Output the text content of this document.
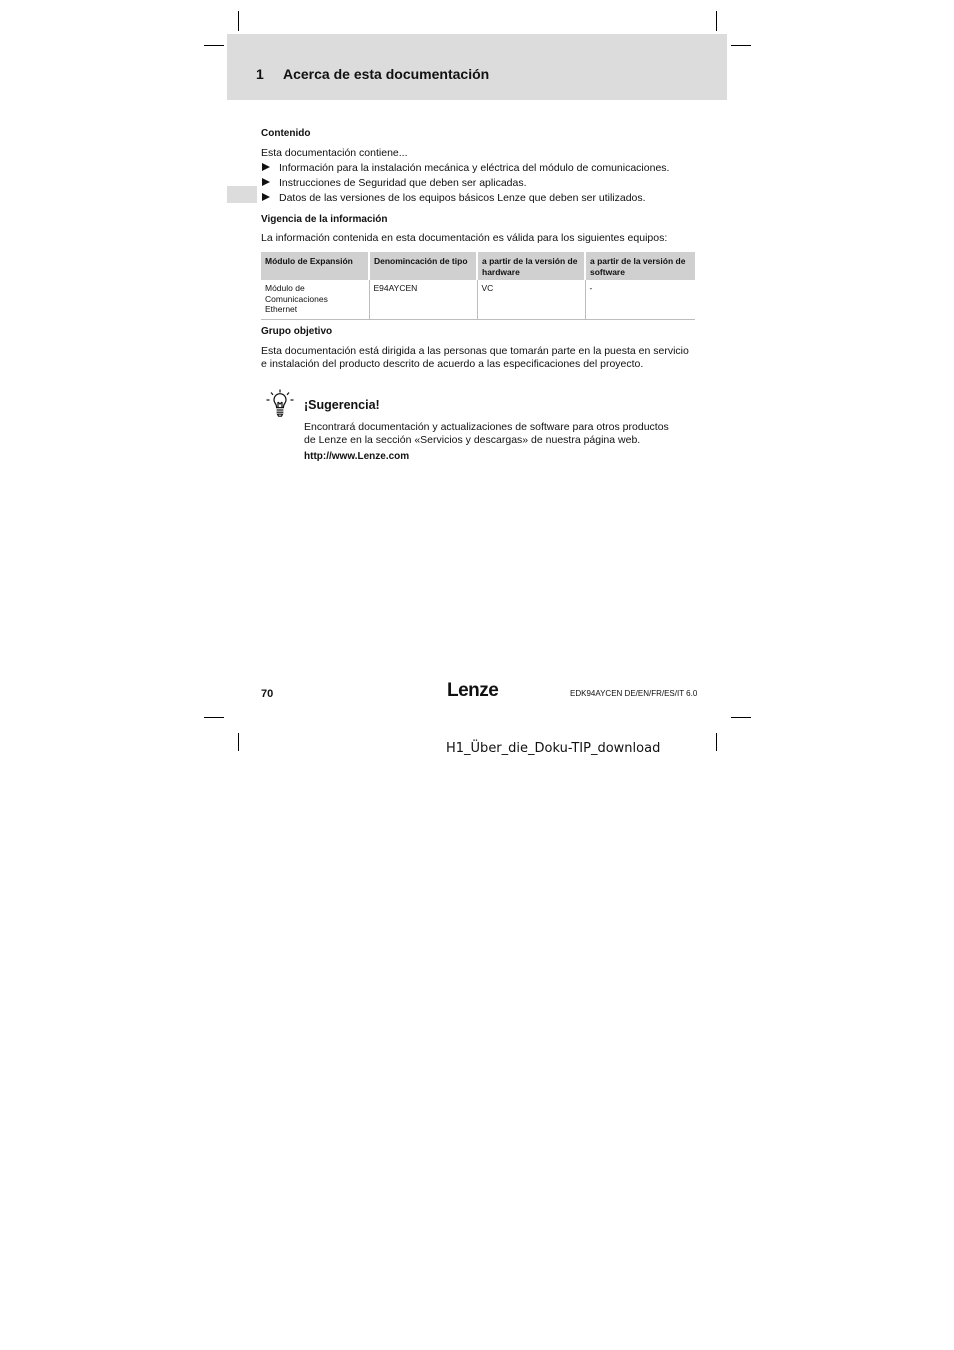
1 Acerca de esta documentación
Contenido
Esta documentación contiene...
Información para la instalación mecánica y eléctrica del módulo de comunicaciones.
Instrucciones de Seguridad que deben ser aplicadas.
Datos de las versiones de los equipos básicos Lenze que deben ser utilizados.
Vigencia de la información
La información contenida en esta documentación es válida para los siguientes equipos:
Módulo de Expansión	Denomincación de tipo	a partir de la versión de hardware	a partir de la versión de software
Módulo de Comunicaciones Ethernet	E94AYCEN	VC	-
Grupo objetivo
Esta documentación está dirigida a las personas que tomarán parte en la puesta en servicio
e instalación del producto descrito de acuerdo a las especificaciones del proyecto.
¡Sugerencia!
Encontrará documentación y actualizaciones de software para otros productos
de Lenze en la sección «Servicios y descargas» de nuestra página web.
http://www.Lenze.com
70	Lenze	EDK94AYCEN DE/EN/FR/ES/IT 6.0
H1_Über_die_Doku-TIP_download
